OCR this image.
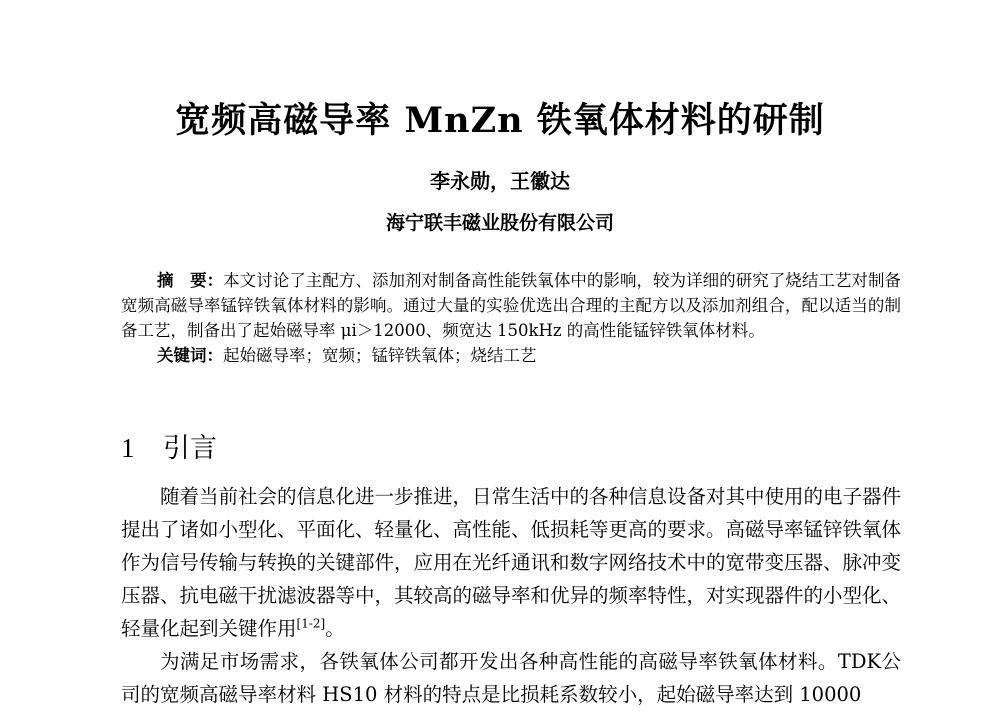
宽频高磁导率 MnZn 铁氧体材料的研制
李永勋，王徽达
海宁联丰磁业股份有限公司

摘　要：本文讨论了主配方、添加剂对制备高性能铁氧体中的影响，较为详细的研究了烧结工艺对制备宽频高磁导率锰锌铁氧体材料的影响。通过大量的实验优选出合理的主配方以及添加剂组合，配以适当的制备工艺，制备出了起始磁导率 μi＞12000、频宽达 150kHz 的高性能锰锌铁氧体材料。

关键词：起始磁导率；宽频；锰锌铁氧体；烧结工艺

1	引言

随着当前社会的信息化进一步推进，日常生活中的各种信息设备对其中使用的电子器件提出了诸如小型化、平面化、轻量化、高性能、低损耗等更高的要求。高磁导率锰锌铁氧体作为信号传输与转换的关键部件，应用在光纤通讯和数字网络技术中的宽带变压器、脉冲变压器、抗电磁干扰滤波器等中，其较高的磁导率和优异的频率特性，对实现器件的小型化、轻量化起到关键作用[1-2]。

为满足市场需求，各铁氧体公司都开发出各种高性能的高磁导率铁氧体材料。TDK公司的宽频高磁导率材料 HS10 材料的特点是比损耗系数较小，起始磁导率达到 10000
